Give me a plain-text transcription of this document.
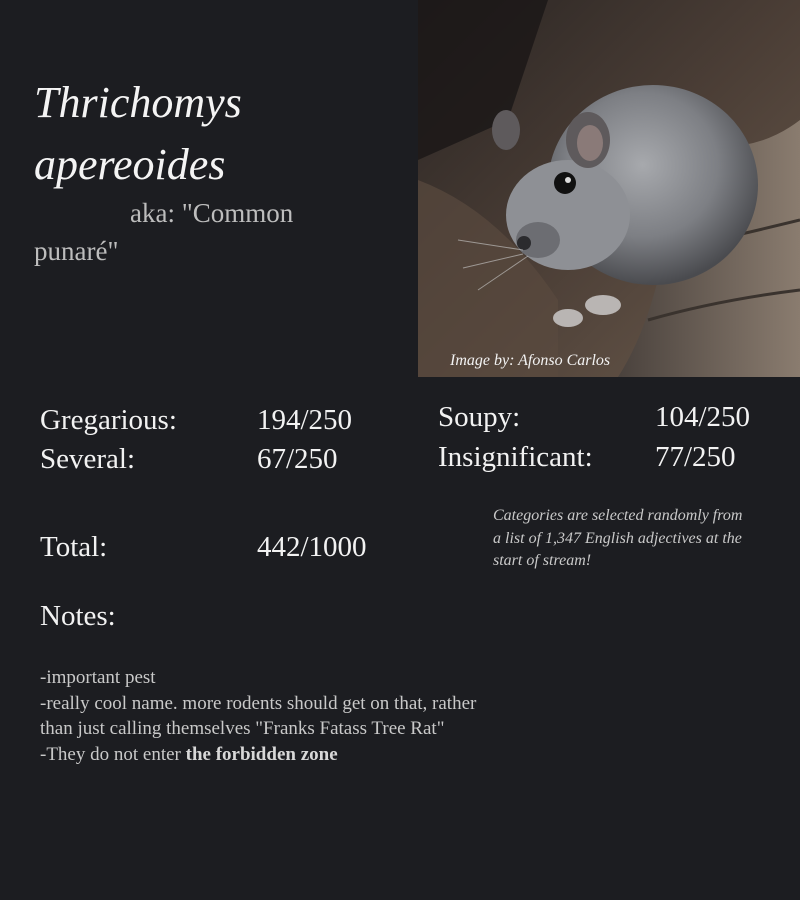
Thrichomys apereoides
aka: "Common punaré"
Image by: Afonso Carlos
Gregarious:	194/250
Several:	67/250
Soupy:	104/250
Insignificant: 77/250
Total:	442/1000
Categories are selected randomly from a list of 1,347 English adjectives at the start of stream!
Notes:
-important pest
-really cool name. more rodents should get on that, rather than just calling themselves "Franks Fatass Tree Rat"
-They do not enter the forbidden zone
